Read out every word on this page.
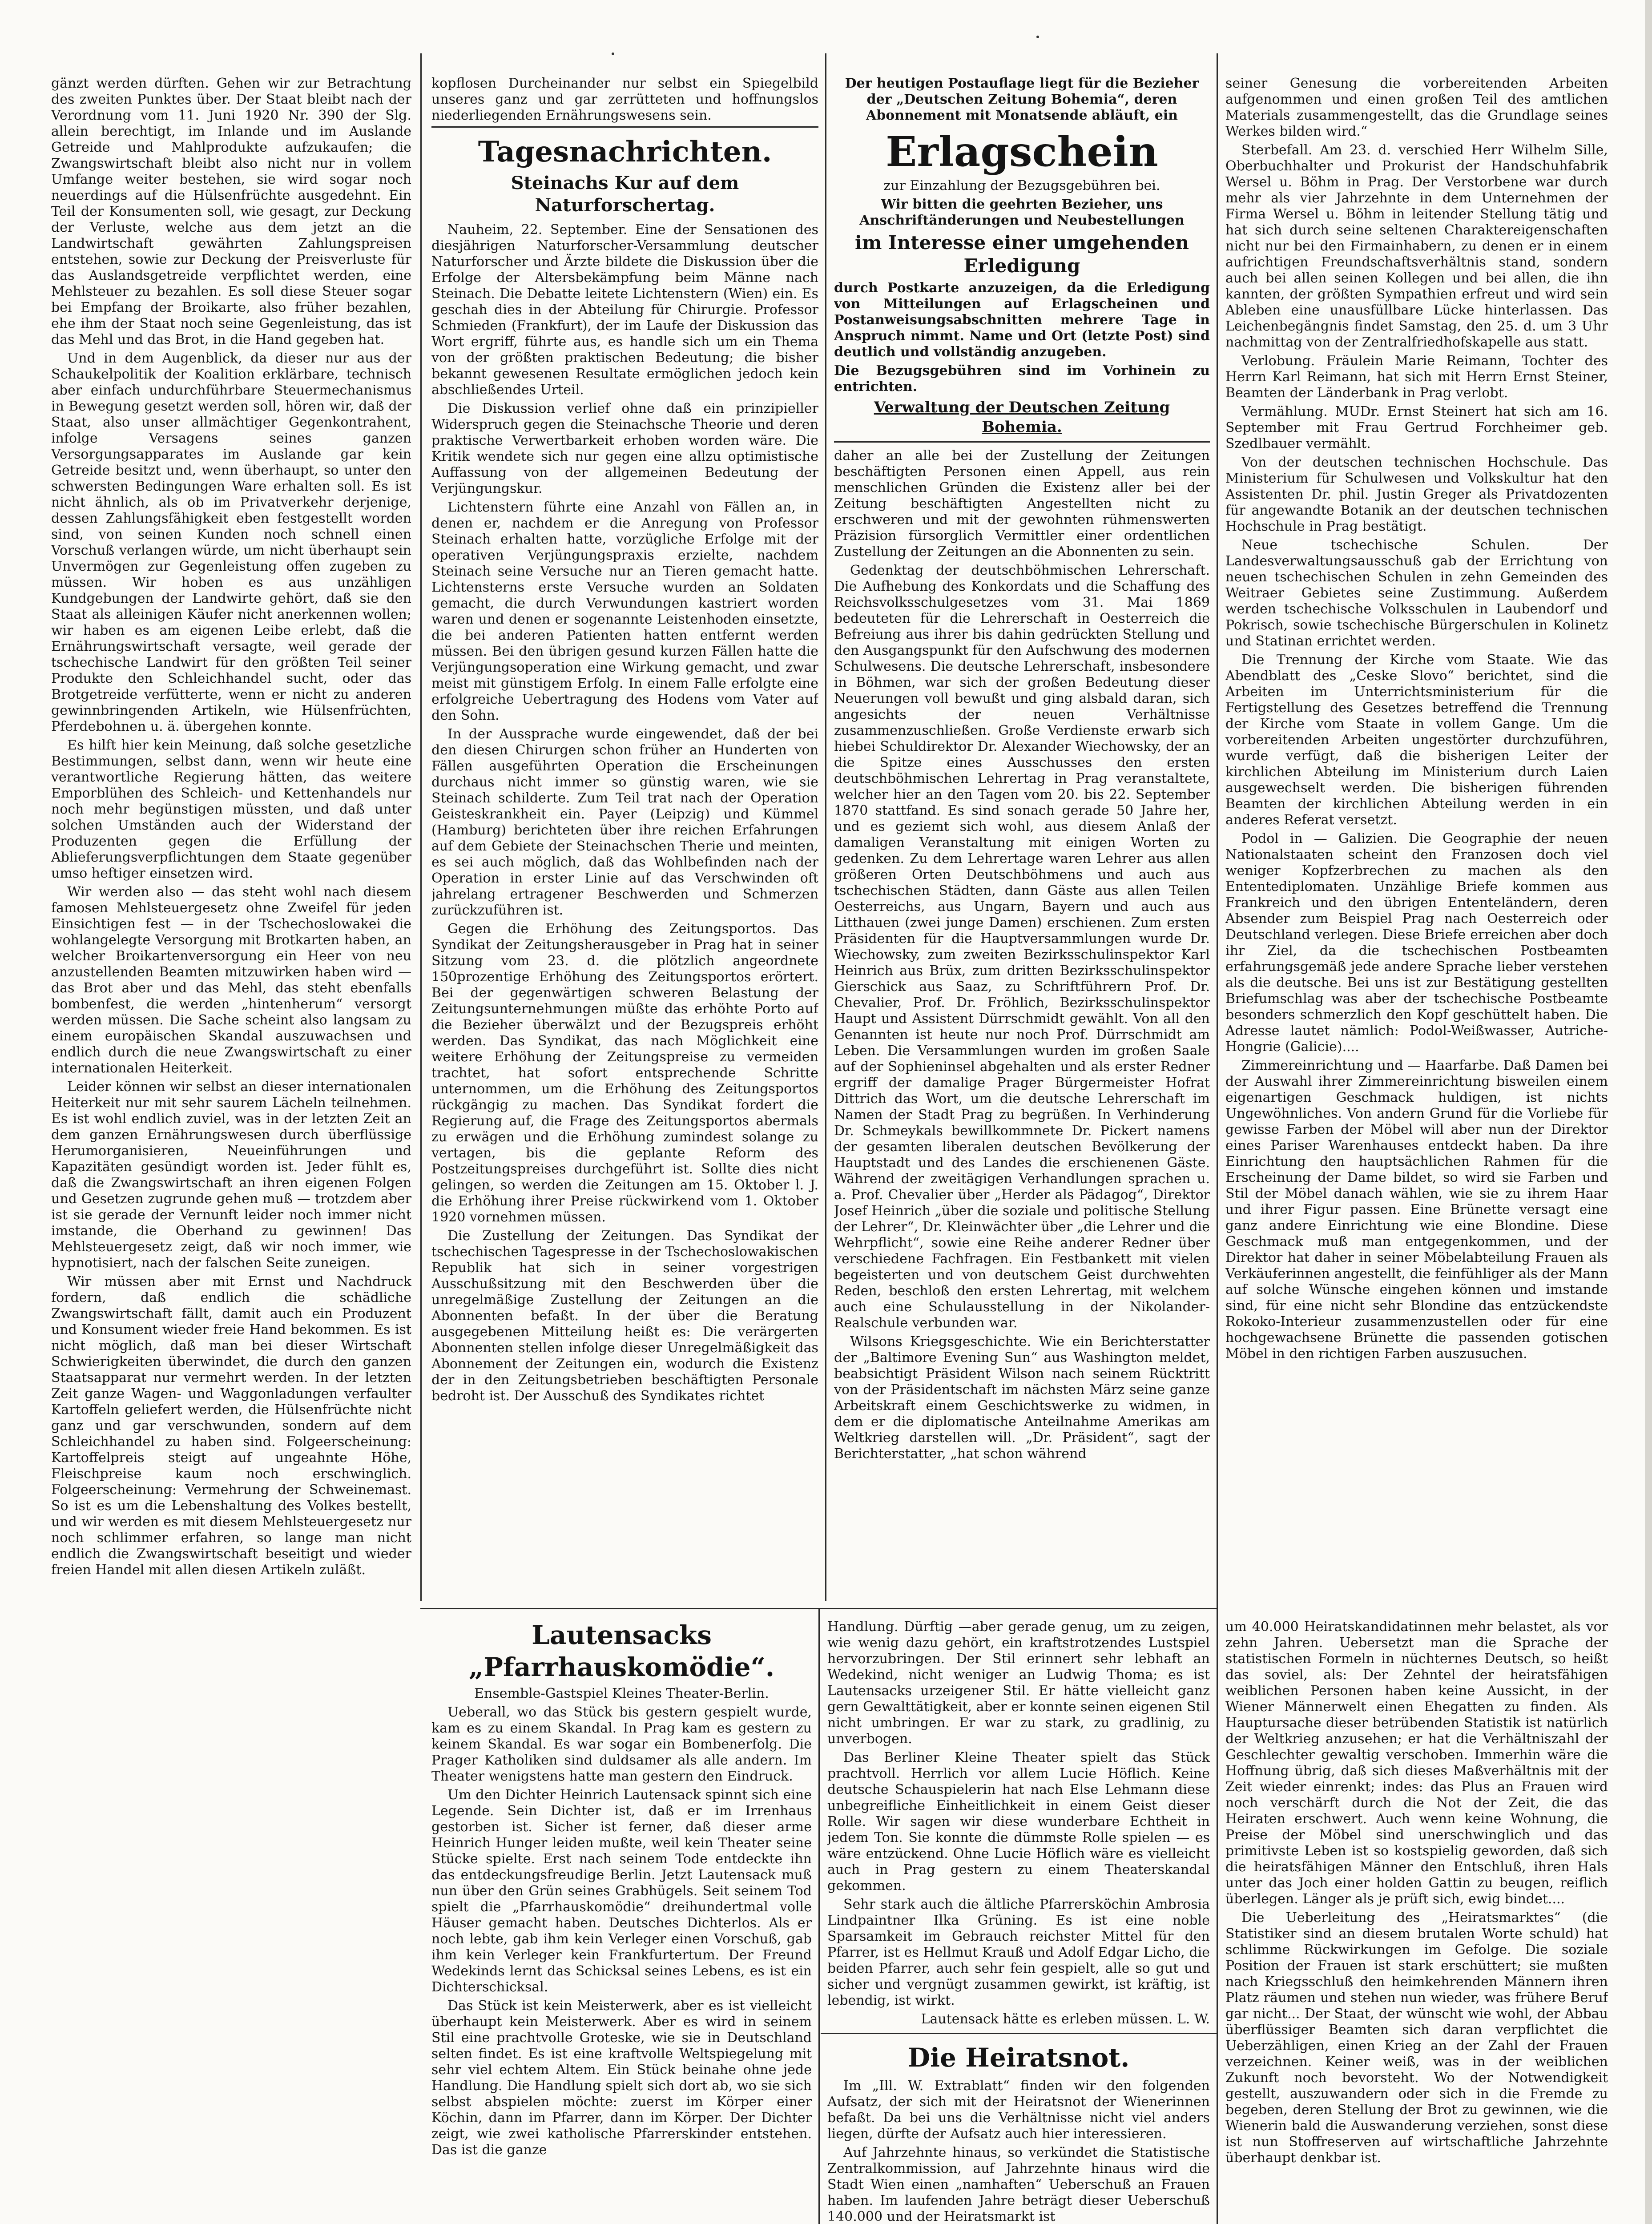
gänzt werden dürften. Gehen wir zur Betrachtung des zweiten Punktes über. Der Staat bleibt nach der Verordnung vom 11. Juni 1920 Nr. 390 der Slg. allein berechtigt, im Inlande und im Auslande Getreide und Mahlprodukte aufzukaufen; die Zwangswirtschaft bleibt also nicht nur in vollem Umfange weiter bestehen, sie wird sogar noch neuerdings auf die Hülsenfrüchte ausgedehnt. Ein Teil der Konsumenten soll, wie gesagt, zur Deckung der Verluste, welche aus dem jetzt an die Landwirtschaft gewährten Zahlungspreisen entstehen, sowie zur Deckung der Preisverluste für das Auslandsgetreide verpflichtet werden, eine Mehlsteuer zu bezahlen. Es soll diese Steuer sogar bei Empfang der Broikarte, also früher bezahlen, ehe ihm der Staat noch seine Gegenleistung, das ist das Mehl und das Brot, in die Hand gegeben hat.

Und in dem Augenblick, da dieser nur aus der Schaukelpolitik der Koalition erklärbare, technisch aber einfach undurchführbare Steuermechanismus in Bewegung gesetzt werden soll, hören wir, daß der Staat, also unser allmächtiger Gegenkontrahent, infolge Versagens seines ganzen Versorgungsapparates im Auslande gar kein Getreide besitzt und, wenn überhaupt, so unter den schwersten Bedingungen Ware erhalten soll. Es ist nicht ähnlich, als ob im Privatverkehr derjenige, dessen Zahlungsfähigkeit eben festgestellt worden sind, von seinen Kunden noch schnell einen Vorschuß verlangen würde, um nicht überhaupt sein Unvermögen zur Gegenleistung offen zugeben zu müssen. Wir hoben es aus unzähligen Kundgebungen der Landwirte gehört, daß sie den Staat als alleinigen Käufer nicht anerkennen wollen; wir haben es am eigenen Leibe erlebt, daß die Ernährungswirtschaft versagte, weil gerade der tschechische Landwirt für den größten Teil seiner Produkte den Schleichhandel sucht, oder das Brotgetreide verfütterte, wenn er nicht zu anderen gewinnbringenden Artikeln, wie Hülsenfrüchten, Pferdebohnen u. ä. übergehen konnte.

Es hilft hier kein Meinung, daß solche gesetzliche Bestimmungen, selbst dann, wenn wir heute eine verantwortliche Regierung hätten, das weitere Emporblühen des Schleich- und Kettenhandels nur noch mehr begünstigen müssten, und daß unter solchen Umständen auch der Widerstand der Produzenten gegen die Erfüllung der Ablieferungsverpflichtungen dem Staate gegenüber umso heftiger einsetzen wird.

Wir werden also — das steht wohl nach diesem famosen Mehlsteuergesetz ohne Zweifel für jeden Einsichtigen fest — in der Tschechoslowakei die wohlangelegte Versorgung mit Brotkarten haben, an welcher Broikartenversorgung ein Heer von neu anzustellenden Beamten mitzuwirken haben wird — das Brot aber und das Mehl, das steht ebenfalls bombenfest, die werden „hintenherum“ versorgt werden müssen. Die Sache scheint also langsam zu einem europäischen Skandal auszuwachsen und endlich durch die neue Zwangswirtschaft zu einer internationalen Heiterkeit.

Leider können wir selbst an dieser internationalen Heiterkeit nur mit sehr saurem Lächeln teilnehmen. Es ist wohl endlich zuviel, was in der letzten Zeit an dem ganzen Ernährungswesen durch überflüssige Herumorganisieren, Neueinführungen und Kapazitäten gesündigt worden ist. Jeder fühlt es, daß die Zwangswirtschaft an ihren eigenen Folgen und Gesetzen zugrunde gehen muß — trotzdem aber ist sie gerade der Vernunft leider noch immer nicht imstande, die Oberhand zu gewinnen! Das Mehlsteuergesetz zeigt, daß wir noch immer, wie hypnotisiert, nach der falschen Seite zuneigen.

Wir müssen aber mit Ernst und Nachdruck fordern, daß endlich die schädliche Zwangswirtschaft fällt, damit auch ein Produzent und Konsument wieder freie Hand bekommen. Es ist nicht möglich, daß man bei dieser Wirtschaft Schwierigkeiten überwindet, die durch den ganzen Staatsapparat nur vermehrt werden. In der letzten Zeit ganze Wagen- und Waggonladungen verfaulter Kartoffeln geliefert werden, die Hülsenfrüchte nicht ganz und gar verschwunden, sondern auf dem Schleichhandel zu haben sind. Folgeerscheinung: Kartoffelpreis steigt auf ungeahnte Höhe, Fleischpreise kaum noch erschwinglich. Folgeerscheinung: Vermehrung der Schweinemast. So ist es um die Lebenshaltung des Volkes bestellt, und wir werden es mit diesem Mehlsteuergesetz nur noch schlimmer erfahren, so lange man nicht endlich die Zwangswirtschaft beseitigt und wieder freien Handel mit allen diesen Artikeln zuläßt.

kopflosen Durcheinander nur selbst ein Spiegelbild unseres ganz und gar zerrütteten und hoffnungslos niederliegenden Ernährungswesens sein.

Tagesnachrichten.

Steinachs Kur auf dem Naturforschertag.

Nauheim, 22. September. Eine der Sensationen des diesjährigen Naturforscher-Versammlung deutscher Naturforscher und Ärzte bildete die Diskussion über die Erfolge der Altersbekämpfung beim Männe nach Steinach. Die Debatte leitete Lichtenstern (Wien) ein. Es geschah dies in der Abteilung für Chirurgie. Professor Schmieden (Frankfurt), der im Laufe der Diskussion das Wort ergriff, führte aus, es handle sich um ein Thema von der größten praktischen Bedeutung; die bisher bekannt gewesenen Resultate ermöglichen jedoch kein abschließendes Urteil.

Die Diskussion verlief ohne daß ein prinzipieller Widerspruch gegen die Steinachsche Theorie und deren praktische Verwertbarkeit erhoben worden wäre. Die Kritik wendete sich nur gegen eine allzu optimistische Auffassung von der allgemeinen Bedeutung der Verjüngungskur.

Lichtenstern führte eine Anzahl von Fällen an, in denen er, nachdem er die Anregung von Professor Steinach erhalten hatte, vorzügliche Erfolge mit der operativen Verjüngungspraxis erzielte, nachdem Steinach seine Versuche nur an Tieren gemacht hatte. Lichtensterns erste Versuche wurden an Soldaten gemacht, die durch Verwundungen kastriert worden waren und denen er sogenannte Leistenhoden einsetzte, die bei anderen Patienten hatten entfernt werden müssen. Bei den übrigen gesund kurzen Fällen hatte die Verjüngungsoperation eine Wirkung gemacht, und zwar meist mit günstigem Erfolg. In einem Falle erfolgte eine erfolgreiche Uebertragung des Hodens vom Vater auf den Sohn.

In der Aussprache wurde eingewendet, daß der bei den diesen Chirurgen schon früher an Hunderten von Fällen ausgeführten Operation die Erscheinungen durchaus nicht immer so günstig waren, wie sie Steinach schilderte. Zum Teil trat nach der Operation Geisteskrankheit ein. Payer (Leipzig) und Kümmel (Hamburg) berichteten über ihre reichen Erfahrungen auf dem Gebiete der Steinachschen Therie und meinten, es sei auch möglich, daß das Wohlbefinden nach der Operation in erster Linie auf das Verschwinden oft jahrelang ertragener Beschwerden und Schmerzen zurückzuführen ist.

Gegen die Erhöhung des Zeitungsportos. Das Syndikat der Zeitungsherausgeber in Prag hat in seiner Sitzung vom 23. d. die plötzlich angeordnete 150prozentige Erhöhung des Zeitungsportos erörtert. Bei der gegenwärtigen schweren Belastung der Zeitungsunternehmungen müßte das erhöhte Porto auf die Bezieher überwälzt und der Bezugspreis erhöht werden. Das Syndikat, das nach Möglichkeit eine weitere Erhöhung der Zeitungspreise zu vermeiden trachtet, hat sofort entsprechende Schritte unternommen, um die Erhöhung des Zeitungsportos rückgängig zu machen. Das Syndikat fordert die Regierung auf, die Frage des Zeitungsportos abermals zu erwägen und die Erhöhung zumindest solange zu vertagen, bis die geplante Reform des Postzeitungspreises durchgeführt ist. Sollte dies nicht gelingen, so werden die Zeitungen am 15. Oktober l. J. die Erhöhung ihrer Preise rückwirkend vom 1. Oktober 1920 vornehmen müssen.

Die Zustellung der Zeitungen. Das Syndikat der tschechischen Tagespresse in der Tschechoslowakischen Republik hat sich in seiner vorgestrigen Ausschußsitzung mit den Beschwerden über die unregelmäßige Zustellung der Zeitungen an die Abonnenten befaßt. In der über die Beratung ausgegebenen Mitteilung heißt es: Die verärgerten Abonnenten stellen infolge dieser Unregelmäßigkeit das Abonnement der Zeitungen ein, wodurch die Existenz der in den Zeitungsbetrieben beschäftigten Personale bedroht ist. Der Ausschuß des Syndikates richtet

Der heutigen Postauflage liegt für die Bezieher der „Deutschen Zeitung Bohemia“, deren Abonnement mit Monatsende abläuft, ein

Erlagschein

zur Einzahlung der Bezugsgebühren bei.

Wir bitten die geehrten Bezieher, uns Anschriftänderungen und Neubestellungen

im Interesse einer umgehenden Erledigung

durch Postkarte anzuzeigen, da die Erledigung von Mitteilungen auf Erlagscheinen und Postanweisungsabschnitten mehrere Tage in Anspruch nimmt. Name und Ort (letzte Post) sind deutlich und vollständig anzugeben.

Die Bezugsgebühren sind im Vorhinein zu entrichten.

Verwaltung der Deutschen Zeitung Bohemia.

daher an alle bei der Zustellung der Zeitungen beschäftigten Personen einen Appell, aus rein menschlichen Gründen die Existenz aller bei der Zeitung beschäftigten Angestellten nicht zu erschweren und mit der gewohnten rühmenswerten Präzision fürsorglich Vermittler einer ordentlichen Zustellung der Zeitungen an die Abonnenten zu sein.

Gedenktag der deutschböhmischen Lehrerschaft. Die Aufhebung des Konkordats und die Schaffung des Reichsvolksschulgesetzes vom 31. Mai 1869 bedeuteten für die Lehrerschaft in Oesterreich die Befreiung aus ihrer bis dahin gedrückten Stellung und den Ausgangspunkt für den Aufschwung des modernen Schulwesens. Die deutsche Lehrerschaft, insbesondere in Böhmen, war sich der großen Bedeutung dieser Neuerungen voll bewußt und ging alsbald daran, sich angesichts der neuen Verhältnisse zusammenzuschließen. Große Verdienste erwarb sich hiebei Schuldirektor Dr. Alexander Wiechowsky, der an die Spitze eines Ausschusses den ersten deutschböhmischen Lehrertag in Prag veranstaltete, welcher hier an den Tagen vom 20. bis 22. September 1870 stattfand. Es sind sonach gerade 50 Jahre her, und es geziemt sich wohl, aus diesem Anlaß der damaligen Veranstaltung mit einigen Worten zu gedenken. Zu dem Lehrertage waren Lehrer aus allen größeren Orten Deutschböhmens und auch aus tschechischen Städten, dann Gäste aus allen Teilen Oesterreichs, aus Ungarn, Bayern und auch aus Litthauen (zwei junge Damen) erschienen. Zum ersten Präsidenten für die Hauptversammlungen wurde Dr. Wiechowsky, zum zweiten Bezirksschulinspektor Karl Heinrich aus Brüx, zum dritten Bezirksschulinspektor Gierschick aus Saaz, zu Schriftführern Prof. Dr. Chevalier, Prof. Dr. Fröhlich, Bezirksschulinspektor Haupt und Assistent Dürrschmidt gewählt. Von all den Genannten ist heute nur noch Prof. Dürrschmidt am Leben. Die Versammlungen wurden im großen Saale auf der Sophieninsel abgehalten und als erster Redner ergriff der damalige Prager Bürgermeister Hofrat Dittrich das Wort, um die deutsche Lehrerschaft im Namen der Stadt Prag zu begrüßen. In Verhinderung Dr. Schmeykals bewillkommnete Dr. Pickert namens der gesamten liberalen deutschen Bevölkerung der Hauptstadt und des Landes die erschienenen Gäste. Während der zweitägigen Verhandlungen sprachen u. a. Prof. Chevalier über „Herder als Pädagog“, Direktor Josef Heinrich „über die soziale und politische Stellung der Lehrer“, Dr. Kleinwächter über „die Lehrer und die Wehrpflicht“, sowie eine Reihe anderer Redner über verschiedene Fachfragen. Ein Festbankett mit vielen begeisterten und von deutschem Geist durchwehten Reden, beschloß den ersten Lehrertag, mit welchem auch eine Schulausstellung in der Nikolander-Realschule verbunden war.

Wilsons Kriegsgeschichte. Wie ein Berichterstatter der „Baltimore Evening Sun“ aus Washington meldet, beabsichtigt Präsident Wilson nach seinem Rücktritt von der Präsidentschaft im nächsten März seine ganze Arbeitskraft einem Geschichtswerke zu widmen, in dem er die diplomatische Anteilnahme Amerikas am Weltkrieg darstellen will. „Dr. Präsident“, sagt der Berichterstatter, „hat schon während

seiner Genesung die vorbereitenden Arbeiten aufgenommen und einen großen Teil des amtlichen Materials zusammengestellt, das die Grundlage seines Werkes bilden wird.“

Sterbefall. Am 23. d. verschied Herr Wilhelm Sille, Oberbuchhalter und Prokurist der Handschuhfabrik Wersel u. Böhm in Prag. Der Verstorbene war durch mehr als vier Jahrzehnte in dem Unternehmen der Firma Wersel u. Böhm in leitender Stellung tätig und hat sich durch seine seltenen Charaktereigenschaften nicht nur bei den Firmainhabern, zu denen er in einem aufrichtigen Freundschaftsverhältnis stand, sondern auch bei allen seinen Kollegen und bei allen, die ihn kannten, der größten Sympathien erfreut und wird sein Ableben eine unausfüllbare Lücke hinterlassen. Das Leichenbegängnis findet Samstag, den 25. d. um 3 Uhr nachmittag von der Zentralfriedhofskapelle aus statt.

Verlobung. Fräulein Marie Reimann, Tochter des Herrn Karl Reimann, hat sich mit Herrn Ernst Steiner, Beamten der Länderbank in Prag verlobt.

Vermählung. MUDr. Ernst Steinert hat sich am 16. September mit Frau Gertrud Forchheimer geb. Szedlbauer vermählt.

Von der deutschen technischen Hochschule. Das Ministerium für Schulwesen und Volkskultur hat den Assistenten Dr. phil. Justin Greger als Privatdozenten für angewandte Botanik an der deutschen technischen Hochschule in Prag bestätigt.

Neue tschechische Schulen. Der Landesverwaltungsausschuß gab der Errichtung von neuen tschechischen Schulen in zehn Gemeinden des Weitraer Gebietes seine Zustimmung. Außerdem werden tschechische Volksschulen in Laubendorf und Pokrisch, sowie tschechische Bürgerschulen in Kolinetz und Statinan errichtet werden.

Die Trennung der Kirche vom Staate. Wie das Abendblatt des „Ceske Slovo“ berichtet, sind die Arbeiten im Unterrichtsministerium für die Fertigstellung des Gesetzes betreffend die Trennung der Kirche vom Staate in vollem Gange. Um die vorbereitenden Arbeiten ungestörter durchzuführen, wurde verfügt, daß die bisherigen Leiter der kirchlichen Abteilung im Ministerium durch Laien ausgewechselt werden. Die bisherigen führenden Beamten der kirchlichen Abteilung werden in ein anderes Referat versetzt.

Podol in — Galizien. Die Geographie der neuen Nationalstaaten scheint den Franzosen doch viel weniger Kopfzerbrechen zu machen als den Ententediplomaten. Unzählige Briefe kommen aus Frankreich und den übrigen Ententeländern, deren Absender zum Beispiel Prag nach Oesterreich oder Deutschland verlegen. Diese Briefe erreichen aber doch ihr Ziel, da die tschechischen Postbeamten erfahrungsgemäß jede andere Sprache lieber verstehen als die deutsche. Bei uns ist zur Bestätigung gestellten Briefumschlag was aber der tschechische Postbeamte besonders schmerzlich den Kopf geschüttelt haben. Die Adresse lautet nämlich: Podol-Weißwasser, Autriche-Hongrie (Galicie)....

Zimmereinrichtung und — Haarfarbe. Daß Damen bei der Auswahl ihrer Zimmereinrichtung bisweilen einem eigenartigen Geschmack huldigen, ist nichts Ungewöhnliches. Von andern Grund für die Vorliebe für gewisse Farben der Möbel will aber nun der Direktor eines Pariser Warenhauses entdeckt haben. Da ihre Einrichtung den hauptsächlichen Rahmen für die Erscheinung der Dame bildet, so wird sie Farben und Stil der Möbel danach wählen, wie sie zu ihrem Haar und ihrer Figur passen. Eine Brünette versagt eine ganz andere Einrichtung wie eine Blondine. Diese Geschmack muß man entgegenkommen, und der Direktor hat daher in seiner Möbelabteilung Frauen als Verkäuferinnen angestellt, die feinfühliger als der Mann auf solche Wünsche eingehen können und imstande sind, für eine nicht sehr Blondine das entzückendste Rokoko-Interieur zusammenzustellen oder für eine hochgewachsene Brünette die passenden gotischen Möbel in den richtigen Farben auszusuchen.

Lautensacks „Pfarrhauskomödie“.

Ensemble-Gastspiel Kleines Theater-Berlin.

Ueberall, wo das Stück bis gestern gespielt wurde, kam es zu einem Skandal. In Prag kam es gestern zu keinem Skandal. Es war sogar ein Bombenerfolg. Die Prager Katholiken sind duldsamer als alle andern. Im Theater wenigstens hatte man gestern den Eindruck.

Um den Dichter Heinrich Lautensack spinnt sich eine Legende. Sein Dichter ist, daß er im Irrenhaus gestorben ist. Sicher ist ferner, daß dieser arme Heinrich Hunger leiden mußte, weil kein Theater seine Stücke spielte. Erst nach seinem Tode entdeckte ihn das entdeckungsfreudige Berlin. Jetzt Lautensack muß nun über den Grün seines Grabhügels. Seit seinem Tod spielt die „Pfarrhauskomödie“ dreihundertmal volle Häuser gemacht haben. Deutsches Dichterlos. Als er noch lebte, gab ihm kein Verleger einen Vorschuß, gab ihm kein Verleger kein Frankfurtertum. Der Freund Wedekinds lernt das Schicksal seines Lebens, es ist ein Dichterschicksal.

Das Stück ist kein Meisterwerk, aber es ist vielleicht überhaupt kein Meisterwerk. Aber es wird in seinem Stil eine prachtvolle Groteske, wie sie in Deutschland selten findet. Es ist eine kraftvolle Weltspiegelung mit sehr viel echtem Altem. Ein Stück beinahe ohne jede Handlung. Die Handlung spielt sich dort ab, wo sie sich selbst abspielen möchte: zuerst im Körper einer Köchin, dann im Pfarrer, dann im Körper. Der Dichter zeigt, wie zwei katholische Pfarrerskinder entstehen. Das ist die ganze

Handlung. Dürftig —aber gerade genug, um zu zeigen, wie wenig dazu gehört, ein kraftstrotzendes Lustspiel hervorzubringen. Der Stil erinnert sehr lebhaft an Wedekind, nicht weniger an Ludwig Thoma; es ist Lautensacks urzeigener Stil. Er hätte vielleicht ganz gern Gewalttätigkeit, aber er konnte seinen eigenen Stil nicht umbringen. Er war zu stark, zu gradlinig, zu unverbogen.

Das Berliner Kleine Theater spielt das Stück prachtvoll. Herrlich vor allem Lucie Höflich. Keine deutsche Schauspielerin hat nach Else Lehmann diese unbegreifliche Einheitlichkeit in einem Geist dieser Rolle. Wir sagen wir diese wunderbare Echtheit in jedem Ton. Sie konnte die dümmste Rolle spielen — es wäre entzückend. Ohne Lucie Höflich wäre es vielleicht auch in Prag gestern zu einem Theaterskandal gekommen.

Sehr stark auch die ältliche Pfarrersköchin Ambrosia Lindpaintner Ilka Grüning. Es ist eine noble Sparsamkeit im Gebrauch reichster Mittel für den Pfarrer, ist es Hellmut Krauß und Adolf Edgar Licho, die beiden Pfarrer, auch sehr fein gespielt, alle so gut und sicher und vergnügt zusammen gewirkt, ist kräftig, ist lebendig, ist wirkt.

Lautensack hätte es erleben müssen. L. W.

Die Heiratsnot.

Im „Ill. W. Extrablatt“ finden wir den folgenden Aufsatz, der sich mit der Heiratsnot der Wienerinnen befaßt. Da bei uns die Verhältnisse nicht viel anders liegen, dürfte der Aufsatz auch hier interessieren.

Auf Jahrzehnte hinaus, so verkündet die Statistische Zentralkommission, auf Jahrzehnte hinaus wird die Stadt Wien einen „namhaften“ Ueberschuß an Frauen haben. Im laufenden Jahre beträgt dieser Ueberschuß 140.000 und der Heiratsmarkt ist

um 40.000 Heiratskandidatinnen mehr belastet, als vor zehn Jahren. Uebersetzt man die Sprache der statistischen Formeln in nüchternes Deutsch, so heißt das soviel, als: Der Zehntel der heiratsfähigen weiblichen Personen haben keine Aussicht, in der Wiener Männerwelt einen Ehegatten zu finden. Als Hauptursache dieser betrübenden Statistik ist natürlich der Weltkrieg anzusehen; er hat die Verhältniszahl der Geschlechter gewaltig verschoben. Immerhin wäre die Hoffnung übrig, daß sich dieses Maßverhältnis mit der Zeit wieder einrenkt; indes: das Plus an Frauen wird noch verschärft durch die Not der Zeit, die das Heiraten erschwert. Auch wenn keine Wohnung, die Preise der Möbel sind unerschwinglich und das primitivste Leben ist so kostspielig geworden, daß sich die heiratsfähigen Männer den Entschluß, ihren Hals unter das Joch einer holden Gattin zu beugen, reiflich überlegen. Länger als je prüft sich, ewig bindet....

Die Ueberleitung des „Heiratsmarktes“ (die Statistiker sind an diesem brutalen Worte schuld) hat schlimme Rückwirkungen im Gefolge. Die soziale Position der Frauen ist stark erschüttert; sie mußten nach Kriegsschluß den heimkehrenden Männern ihren Platz räumen und stehen nun wieder, was frühere Beruf gar nicht... Der Staat, der wünscht wie wohl, der Abbau überflüssiger Beamten sich daran verpflichtet die Ueberzähligen, einen Krieg an der Zahl der Frauen verzeichnen. Keiner weiß, was in der weiblichen Zukunft noch bevorsteht. Wo der Notwendigkeit gestellt, auszuwandern oder sich in die Fremde zu begeben, deren Stellung der Brot zu gewinnen, wie die Wienerin bald die Auswanderung verziehen, sonst diese ist nun Stoffreserven auf wirtschaftliche Jahrzehnte überhaupt denkbar ist.
